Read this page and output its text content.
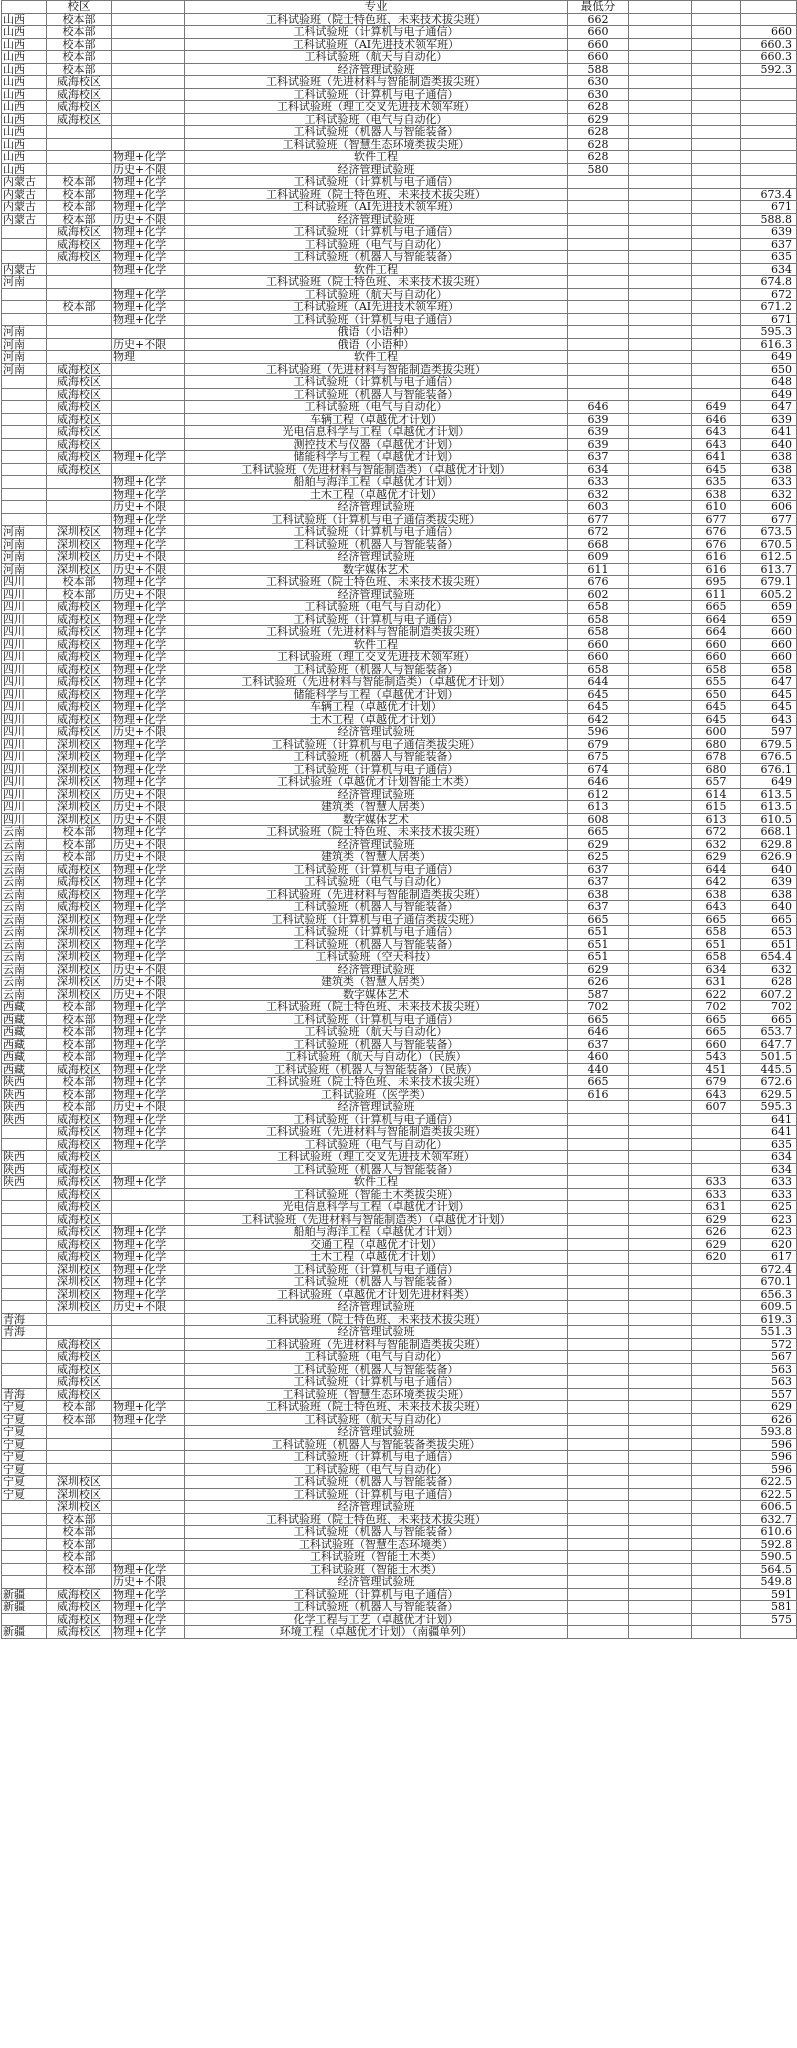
	校区		专业	最低分			
山西	校本部		工科试验班（院士特色班、未来技术拔尖班）	662			
山西	校本部		工科试验班（计算机与电子通信）	660			660
山西	校本部		工科试验班（AI先进技术领军班）	660			660.3
山西	校本部		工科试验班（航天与自动化）	660			660.3
山西	校本部		经济管理试验班	588			592.3
山西	威海校区		工科试验班（先进材料与智能制造类拔尖班）	630			
山西	威海校区		工科试验班（计算机与电子通信）	630			
山西	威海校区		工科试验班（理工交叉先进技术领军班）	628			
山西	威海校区		工科试验班（电气与自动化）	629			
山西			工科试验班（机器人与智能装备）	628			
山西			工科试验班（智慧生态环境类拔尖班）	628			
山西		物理+化学	软件工程	628			
山西		历史+不限	经济管理试验班	580			
内蒙古	校本部	物理+化学	工科试验班（计算机与电子通信）				
内蒙古	校本部	物理+化学	工科试验班（院士特色班、未来技术拔尖班）				673.4
内蒙古	校本部	物理+化学	工科试验班（AI先进技术领军班）				671
内蒙古	校本部	历史+不限	经济管理试验班				588.8
	威海校区	物理+化学	工科试验班（计算机与电子通信）				639
	威海校区	物理+化学	工科试验班（电气与自动化）				637
	威海校区	物理+化学	工科试验班（机器人与智能装备）				635
内蒙古		物理+化学	软件工程				634
河南			工科试验班（院士特色班、未来技术拔尖班）				674.8
		物理+化学	工科试验班（航天与自动化）				672
	校本部	物理+化学	工科试验班（AI先进技术领军班）				671.2
		物理+化学	工科试验班（计算机与电子通信）				671
河南			俄语（小语种）				595.3
河南		历史+不限	俄语（小语种）				616.3
河南		物理	软件工程				649
河南	威海校区		工科试验班（先进材料与智能制造类拔尖班）				650
	威海校区		工科试验班（计算机与电子通信）				648
	威海校区		工科试验班（机器人与智能装备）				649
	威海校区		工科试验班（电气与自动化）	646		649	647
	威海校区		车辆工程（卓越优才计划）	639		646	639
	威海校区		光电信息科学与工程（卓越优才计划）	639		643	641
	威海校区		测控技术与仪器（卓越优才计划）	639		643	640
	威海校区	物理+化学	储能科学与工程（卓越优才计划）	637		641	638
	威海校区		工科试验班（先进材料与智能制造类）（卓越优才计划）	634		645	638
		物理+化学	船舶与海洋工程（卓越优才计划）	633		635	633
		物理+化学	土木工程（卓越优才计划）	632		638	632
		历史+不限	经济管理试验班	603		610	606
		物理+化学	工科试验班（计算机与电子通信类拔尖班）	677		677	677
河南	深圳校区	物理+化学	工科试验班（计算机与电子通信）	672		676	673.5
河南	深圳校区	物理+化学	工科试验班（机器人与智能装备）	668		676	670.5
河南	深圳校区	历史+不限	经济管理试验班	609		616	612.5
河南	深圳校区	历史+不限	数字媒体艺术	611		616	613.7
四川	校本部	物理+化学	工科试验班（院士特色班、未来技术拔尖班）	676		695	679.1
四川	校本部	历史+不限	经济管理试验班	602		611	605.2
四川	威海校区	物理+化学	工科试验班（电气与自动化）	658		665	659
四川	威海校区	物理+化学	工科试验班（计算机与电子通信）	658		664	659
四川	威海校区	物理+化学	工科试验班（先进材料与智能制造类拔尖班）	658		664	660
四川	威海校区	物理+化学	软件工程	660		660	660
四川	威海校区	物理+化学	工科试验班（理工交叉先进技术领军班）	660		660	660
四川	威海校区	物理+化学	工科试验班（机器人与智能装备）	658		658	658
四川	威海校区	物理+化学	工科试验班（先进材料与智能制造类）（卓越优才计划）	644		655	647
四川	威海校区	物理+化学	储能科学与工程（卓越优才计划）	645		650	645
四川	威海校区	物理+化学	车辆工程（卓越优才计划）	645		645	645
四川	威海校区	物理+化学	土木工程（卓越优才计划）	642		645	643
四川	威海校区	历史+不限	经济管理试验班	596		600	597
四川	深圳校区	物理+化学	工科试验班（计算机与电子通信类拔尖班）	679		680	679.5
四川	深圳校区	物理+化学	工科试验班（机器人与智能装备）	675		678	676.5
四川	深圳校区	物理+化学	工科试验班（计算机与电子通信）	674		680	676.1
四川	深圳校区	物理+化学	工科试验班（卓越优才计划智能土木类）	646		657	649
四川	深圳校区	历史+不限	经济管理试验班	612		614	613.5
四川	深圳校区	历史+不限	建筑类（智慧人居类）	613		615	613.5
四川	深圳校区	历史+不限	数字媒体艺术	608		613	610.5
云南	校本部	物理+化学	工科试验班（院士特色班、未来技术拔尖班）	665		672	668.1
云南	校本部	历史+不限	经济管理试验班	629		632	629.8
云南	校本部	历史+不限	建筑类（智慧人居类）	625		629	626.9
云南	威海校区	物理+化学	工科试验班（计算机与电子通信）	637		644	640
云南	威海校区	物理+化学	工科试验班（电气与自动化）	637		642	639
云南	威海校区	物理+化学	工科试验班（先进材料与智能制造类拔尖班）	638		638	638
云南	威海校区	物理+化学	工科试验班（机器人与智能装备）	637		643	640
云南	深圳校区	物理+化学	工科试验班（计算机与电子通信类拔尖班）	665		665	665
云南	深圳校区	物理+化学	工科试验班（计算机与电子通信）	651		658	653
云南	深圳校区	物理+化学	工科试验班（机器人与智能装备）	651		651	651
云南	深圳校区	物理+化学	工科试验班（空天科技）	651		658	654.4
云南	深圳校区	历史+不限	经济管理试验班	629		634	632
云南	深圳校区	历史+不限	建筑类（智慧人居类）	626		631	628
云南	深圳校区	历史+不限	数字媒体艺术	587		622	607.2
西藏	校本部	物理+化学	工科试验班（院士特色班、未来技术拔尖班）	702		702	702
西藏	校本部	物理+化学	工科试验班（计算机与电子通信）	665		665	665
西藏	校本部	物理+化学	工科试验班（航天与自动化）	646		665	653.7
西藏	校本部	物理+化学	工科试验班（机器人与智能装备）	637		660	647.7
西藏	校本部	物理+化学	工科试验班（航天与自动化）（民族）	460		543	501.5
西藏	威海校区	物理+化学	工科试验班（机器人与智能装备）（民族）	440		451	445.5
陕西	校本部	物理+化学	工科试验班（院士特色班、未来技术拔尖班）	665		679	672.6
陕西	校本部	物理+化学	工科试验班（医学类）	616		643	629.5
陕西	校本部	历史+不限	经济管理试验班			607	595.3
陕西	威海校区	物理+化学	工科试验班（计算机与电子通信）				641
	威海校区	物理+化学	工科试验班（先进材料与智能制造类拔尖班）				641
	威海校区	物理+化学	工科试验班（电气与自动化）				635
陕西	威海校区		工科试验班（理工交叉先进技术领军班）				634
陕西	威海校区		工科试验班（机器人与智能装备）				634
陕西	威海校区	物理+化学	软件工程			633	633
	威海校区		工科试验班（智能土木类拔尖班）			633	633
	威海校区		光电信息科学与工程（卓越优才计划）			631	625
	威海校区		工科试验班（先进材料与智能制造类）（卓越优才计划）			629	623
	威海校区	物理+化学	船舶与海洋工程（卓越优才计划）			626	623
	威海校区	物理+化学	交通工程（卓越优才计划）			629	620
	威海校区	物理+化学	土木工程（卓越优才计划）			620	617
	深圳校区	物理+化学	工科试验班（计算机与电子通信）				672.4
	深圳校区	物理+化学	工科试验班（机器人与智能装备）				670.1
	深圳校区	物理+化学	工科试验班（卓越优才计划先进材料类）				656.3
	深圳校区	历史+不限	经济管理试验班				609.5
青海			工科试验班（院士特色班、未来技术拔尖班）				619.3
青海			经济管理试验班				551.3
	威海校区		工科试验班（先进材料与智能制造类拔尖班）				572
	威海校区		工科试验班（电气与自动化）				567
	威海校区		工科试验班（机器人与智能装备）				563
	威海校区		工科试验班（计算机与电子通信）				563
青海	威海校区		工科试验班（智慧生态环境类拔尖班）				557
宁夏	校本部	物理+化学	工科试验班（院士特色班、未来技术拔尖班）				629
宁夏	校本部	物理+化学	工科试验班（航天与自动化）				626
宁夏			经济管理试验班				593.8
宁夏			工科试验班（机器人与智能装备类拔尖班）				596
宁夏			工科试验班（计算机与电子通信）				596
宁夏			工科试验班（电气与自动化）				596
宁夏	深圳校区		工科试验班（机器人与智能装备）				622.5
宁夏	深圳校区		工科试验班（计算机与电子通信）				622.5
	深圳校区		经济管理试验班				606.5
	校本部		工科试验班（院士特色班、未来技术拔尖班）				632.7
	校本部		工科试验班（机器人与智能装备）				610.6
	校本部		工科试验班（智慧生态环境类）				592.8
	校本部		工科试验班（智能土木类）				590.5
	校本部	物理+化学	工科试验班（智能土木类）				564.5
		历史+不限	经济管理试验班				549.8
新疆	威海校区	物理+化学	工科试验班（计算机与电子通信）				591
新疆	威海校区	物理+化学	工科试验班（机器人与智能装备）				581
	威海校区	物理+化学	化学工程与工艺（卓越优才计划）				575
新疆	威海校区	物理+化学	环境工程（卓越优才计划）（南疆单列）				
